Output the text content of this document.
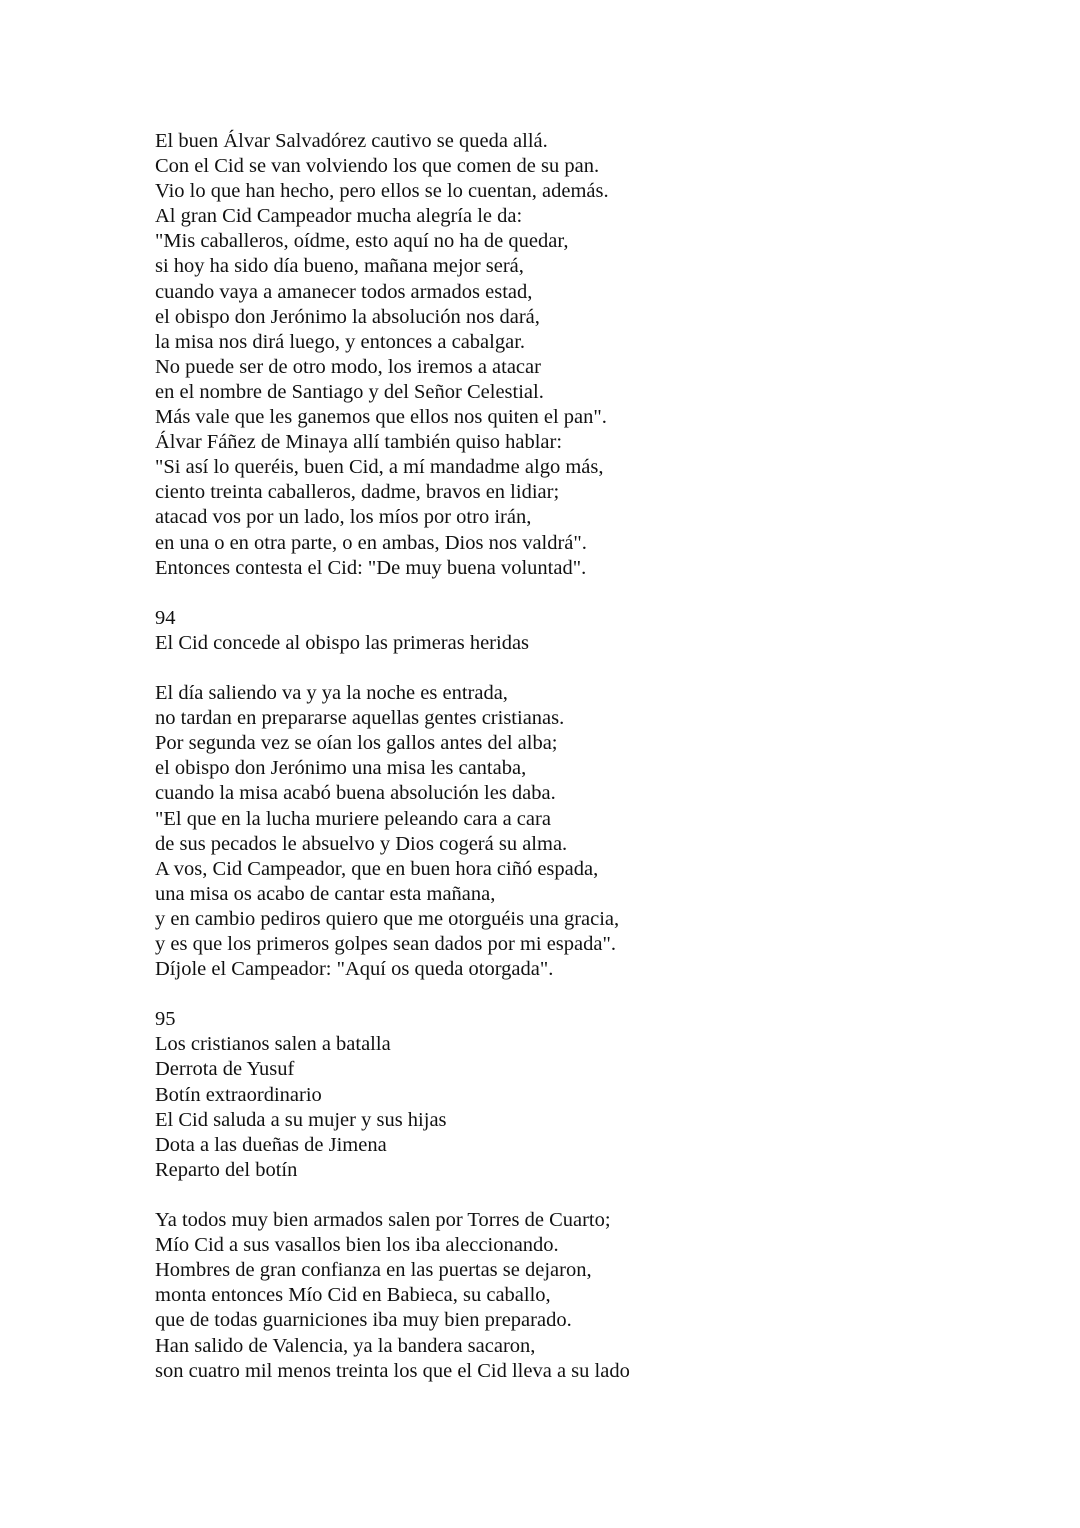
El buen Álvar Salvadórez cautivo se queda allá.
Con el Cid se van volviendo los que comen de su pan.
Vio lo que han hecho, pero ellos se lo cuentan, además.
Al gran Cid Campeador mucha alegría le da:
"Mis caballeros, oídme, esto aquí no ha de quedar,
si hoy ha sido día bueno, mañana mejor será,
cuando vaya a amanecer todos armados estad,
el obispo don Jerónimo la absolución nos dará,
la misa nos dirá luego, y entonces a cabalgar.
No puede ser de otro modo, los iremos a atacar
en el nombre de Santiago y del Señor Celestial.
Más vale que les ganemos que ellos nos quiten el pan".
Álvar Fáñez de Minaya allí también quiso hablar:
"Si así lo queréis, buen Cid, a mí mandadme algo más,
ciento treinta caballeros, dadme, bravos en lidiar;
atacad vos por un lado, los míos por otro irán,
en una o en otra parte, o en ambas, Dios nos valdrá".
Entonces contesta el Cid: "De muy buena voluntad".
94
El Cid concede al obispo las primeras heridas
El día saliendo va y ya la noche es entrada,
no tardan en prepararse aquellas gentes cristianas.
Por segunda vez se oían los gallos antes del alba;
el obispo don Jerónimo una misa les cantaba,
cuando la misa acabó buena absolución les daba.
"El que en la lucha muriere peleando cara a cara
de sus pecados le absuelvo y Dios cogerá su alma.
A vos, Cid Campeador, que en buen hora ciñó espada,
una misa os acabo de cantar esta mañana,
y en cambio pediros quiero que me otorguéis una gracia,
y es que los primeros golpes sean dados por mi espada".
Díjole el Campeador: "Aquí os queda otorgada".
95
Los cristianos salen a batalla
Derrota de Yusuf
Botín extraordinario
El Cid saluda a su mujer y sus hijas
Dota a las dueñas de Jimena
Reparto del botín
Ya todos muy bien armados salen por Torres de Cuarto;
Mío Cid a sus vasallos bien los iba aleccionando.
Hombres de gran confianza en las puertas se dejaron,
monta entonces Mío Cid en Babieca, su caballo,
que de todas guarniciones iba muy bien preparado.
Han salido de Valencia, ya la bandera sacaron,
son cuatro mil menos treinta los que el Cid lleva a su lado
